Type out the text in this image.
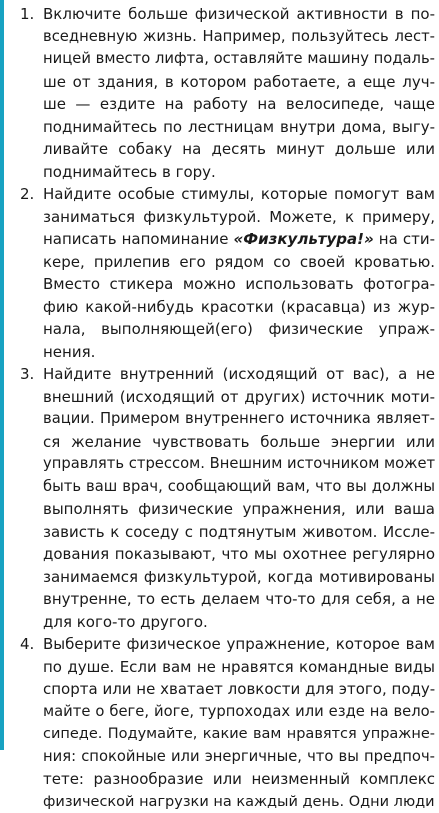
1. Включите больше физической активности в по-
вседневную жизнь. Например, пользуйтесь лест-
ницей вместо лифта, оставляйте машину подаль-
ше от здания, в котором работаете, а еще луч-
ше — ездите на работу на велосипеде, чаще
поднимайтесь по лестницам внутри дома, выгу-
ливайте собаку на десять минут дольше или
поднимайтесь в гору.
2. Найдите особые стимулы, которые помогут вам
заниматься физкультурой. Можете, к примеру,
написать напоминание «Физкультура!» на сти-
кере, прилепив его рядом со своей кроватью.
Вместо стикера можно использовать фотогра-
фию какой-нибудь красотки (красавца) из жур-
нала, выполняющей(его) физические упраж-
нения.
3. Найдите внутренний (исходящий от вас), а не
внешний (исходящий от других) источник моти-
вации. Примером внутреннего источника являет-
ся желание чувствовать больше энергии или
управлять стрессом. Внешним источником может
быть ваш врач, сообщающий вам, что вы должны
выполнять физические упражнения, или ваша
зависть к соседу с подтянутым животом. Иссле-
дования показывают, что мы охотнее регулярно
занимаемся физкультурой, когда мотивированы
внутренне, то есть делаем что-то для себя, а не
для кого-то другого.
4. Выберите физическое упражнение, которое вам
по душе. Если вам не нравятся командные виды
спорта или не хватает ловкости для этого, поду-
майте о беге, йоге, турпоходах или езде на вело-
сипеде. Подумайте, какие вам нравятся упражне-
ния: спокойные или энергичные, что вы предпоч-
тете: разнообразие или неизменный комплекс
физической нагрузки на каждый день. Одни люди
